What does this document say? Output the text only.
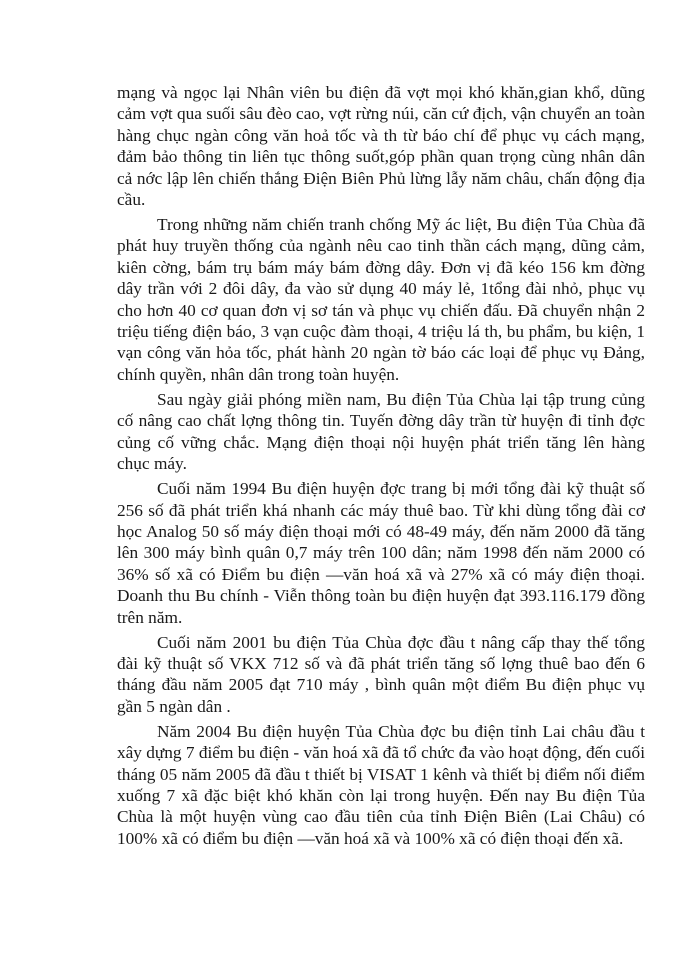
mạng và ngọc lại Nhân viên bu điện đã vợt mọi khó khăn,gian khổ, dũng cảm vợt qua suối sâu đèo cao, vợt rừng núi, căn cứ địch, vận chuyển an toàn hàng chục ngàn công văn hoả tốc và th từ báo chí để phục vụ cách mạng, đảm bảo thông tin liên tục thông suốt,góp phần quan trọng cùng nhân dân cả nớc lập lên chiến thắng Điện Biên Phủ lừng lẫy năm châu, chấn động địa cầu.

Trong những năm chiến tranh chống Mỹ ác liệt, Bu điện Tủa Chùa đã phát huy truyền thống của ngành nêu cao tinh thần cách mạng, dũng cảm, kiên cờng, bám trụ bám máy bám đờng dây. Đơn vị đã kéo 156 km đờng dây trần với 2 đôi dây, đa vào sử dụng 40 máy lẻ, 1tổng đài nhỏ, phục vụ cho hơn 40 cơ quan đơn vị sơ tán và phục vụ chiến đấu. Đã chuyển nhận 2 triệu tiếng điện báo, 3 vạn cuộc đàm thoại, 4 triệu lá th, bu phẩm, bu kiện, 1 vạn công văn hỏa tốc, phát hành 20 ngàn tờ báo các loại để phục vụ Đảng, chính quyền, nhân dân trong toàn huyện.

Sau ngày giải phóng miền nam, Bu điện Tủa Chùa lại tập trung củng cố nâng cao chất lợng thông tin. Tuyến đờng dây trần từ huyện đi tỉnh đợc củng cố vững chắc. Mạng điện thoại nội huyện phát triển tăng lên hàng chục máy.

Cuối năm 1994 Bu điện huyện đợc trang bị mới tổng đài kỹ thuật số 256 số đã phát triển khá nhanh các máy thuê bao. Từ khi dùng tổng đài cơ học Analog 50 số máy điện thoại mới có 48-49 máy, đến năm 2000 đã tăng lên 300 máy bình quân 0,7 máy trên 100 dân; năm 1998 đến năm 2000 có 36% số xã có Điểm bu điện —văn hoá xã và 27% xã có máy điện thoại. Doanh thu Bu chính - Viễn thông toàn bu điện huyện đạt 393.116.179 đồng trên năm.

Cuối năm 2001 bu điện Tủa Chùa đợc đầu t nâng cấp thay thế tổng đài kỹ thuật số VKX 712 số và đã phát triển tăng số lợng thuê bao đến 6 tháng đầu năm 2005 đạt 710 máy , bình quân một điểm Bu điện phục vụ gần 5 ngàn dân .

Năm 2004 Bu điện huyện Tủa Chùa đợc bu điện tỉnh Lai châu đầu t xây dựng 7 điểm bu điện - văn hoá xã đã tổ chức đa vào hoạt động, đến cuối tháng 05 năm 2005 đã đầu t thiết bị VISAT 1 kênh và thiết bị điểm nối điểm xuống 7 xã đặc biệt khó khăn còn lại trong huyện. Đến nay Bu điện Tủa Chùa là một huyện vùng cao đầu tiên của tỉnh Điện Biên (Lai Châu) có 100% xã có điểm bu điện —văn hoá xã và 100% xã có điện thoại đến xã.
